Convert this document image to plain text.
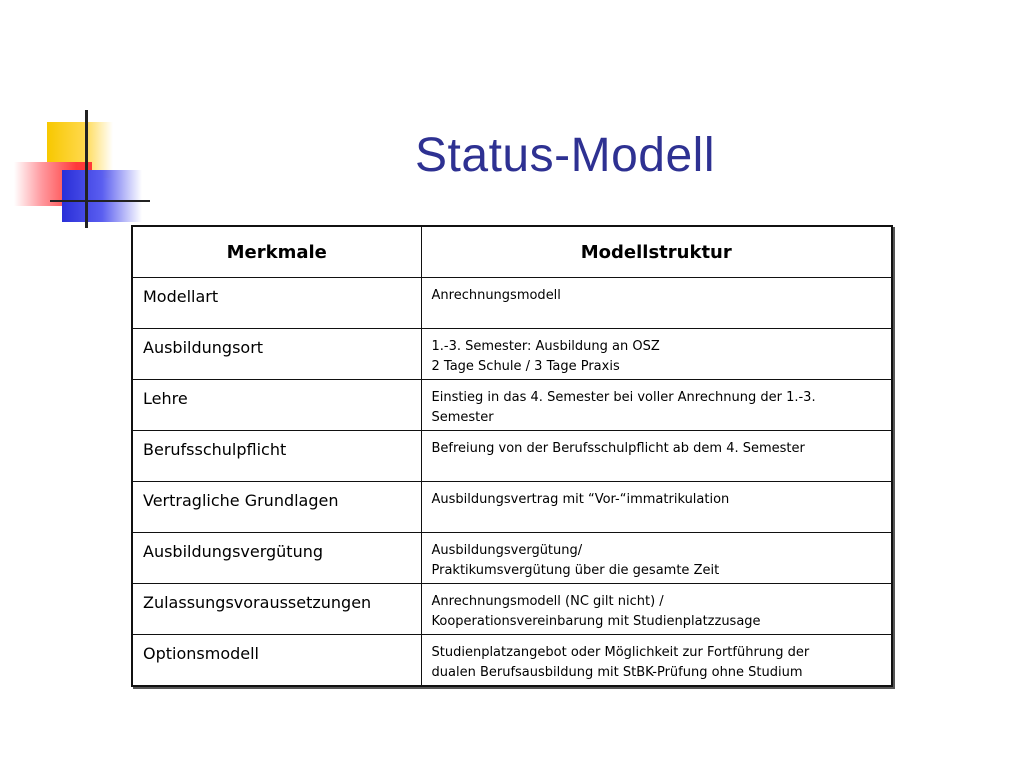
Status-Modell
Merkmale	Modellstruktur
Modellart	Anrechnungsmodell

Ausbildungsort	1.-3. Semester: Ausbildung an OSZ
2 Tage Schule / 3 Tage Praxis

Lehre	Einstieg in das 4. Semester bei voller Anrechnung der 1.-3.
Semester

Berufsschulpflicht	Befreiung von der Berufsschulpflicht ab dem 4. Semester

Vertragliche Grundlagen	Ausbildungsvertrag mit “Vor-“immatrikulation

Ausbildungsvergütung	Ausbildungsvergütung/
Praktikumsvergütung über die gesamte Zeit

Zulassungsvoraussetzungen	Anrechnungsmodell (NC gilt nicht) /
Kooperationsvereinbarung mit Studienplatzzusage

Optionsmodell	Studienplatzangebot oder Möglichkeit zur Fortführung der
dualen Berufsausbildung mit StBK-Prüfung ohne Studium
